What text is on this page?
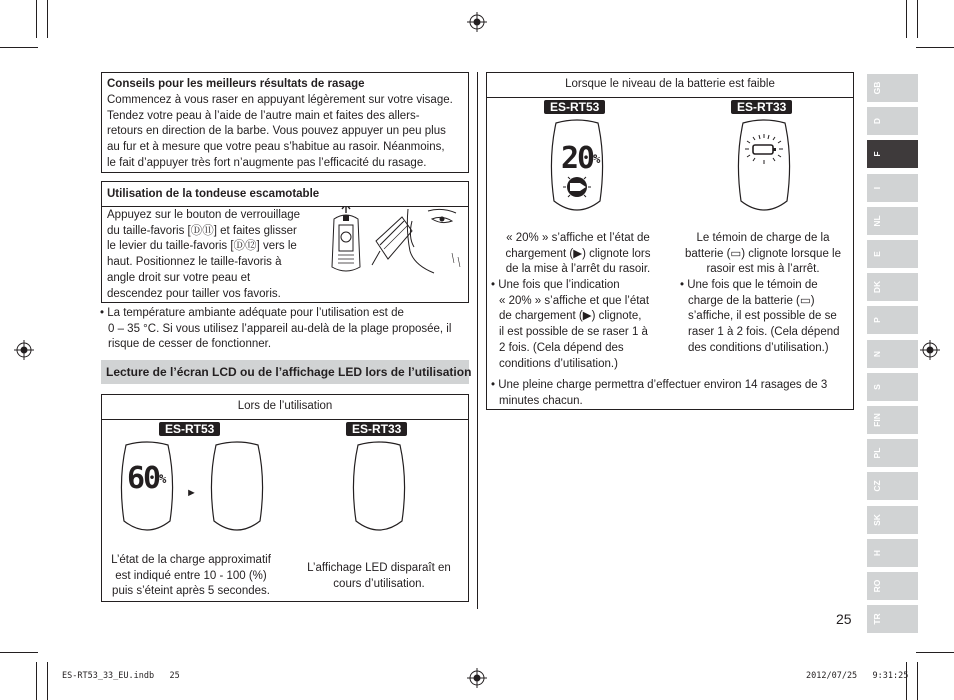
Conseils pour les meilleurs résultats de rasage
Commencez à vous raser en appuyant légèrement sur votre visage.
Tendez votre peau à l’aide de l’autre main et faites des allers-
retours en direction de la barbe. Vous pouvez appuyer un peu plus
au fur et à mesure que votre peau s’habitue au rasoir. Néanmoins,
le fait d’appuyer très fort n’augmente pas l’efficacité du rasage.
Utilisation de la tondeuse escamotable
Appuyez sur le bouton de verrouillage
du taille-favoris [Ⓓ⑪] et faites glisser
le levier du taille-favoris [Ⓓ⑫] vers le
haut. Positionnez le taille-favoris à
angle droit sur votre peau et
descendez pour tailler vos favoris.
• La température ambiante adéquate pour l’utilisation est de
0 – 35 °C. Si vous utilisez l’appareil au-delà de la plage proposée, il
risque de cesser de fonctionner.
Lecture de l’écran LCD ou de l’affichage LED lors de l’utilisation
Lors de l’utilisation
ES-RT53	ES-RT33
60%
►
L’état de la charge approximatif
est indiqué entre 10 - 100 (%)
puis s’éteint après 5 secondes.
L’affichage LED disparaît en
cours d’utilisation.
Lorsque le niveau de la batterie est faible
ES-RT53	ES-RT33
20%
« 20% » s’affiche et l’état de
chargement (▶) clignote lors
de la mise à l’arrêt du rasoir.
• Une fois que l’indication
« 20% » s’affiche et que l’état
de chargement (▶) clignote,
il est possible de se raser 1 à
2 fois. (Cela dépend des
conditions d’utilisation.)
Le témoin de charge de la
batterie (▭) clignote lorsque le
rasoir est mis à l’arrêt.
• Une fois que le témoin de
charge de la batterie (▭)
s’affiche, il est possible de se
raser 1 à 2 fois. (Cela dépend
des conditions d’utilisation.)
• Une pleine charge permettra d’effectuer environ 14 rasages de 3
minutes chacun.
GB
D
F
I
NL
E
DK
P
N
S
FIN
PL
CZ
SK
H
RO
TR
25
ES-RT53_33_EU.indb   25	2012/07/25   9:31:25
